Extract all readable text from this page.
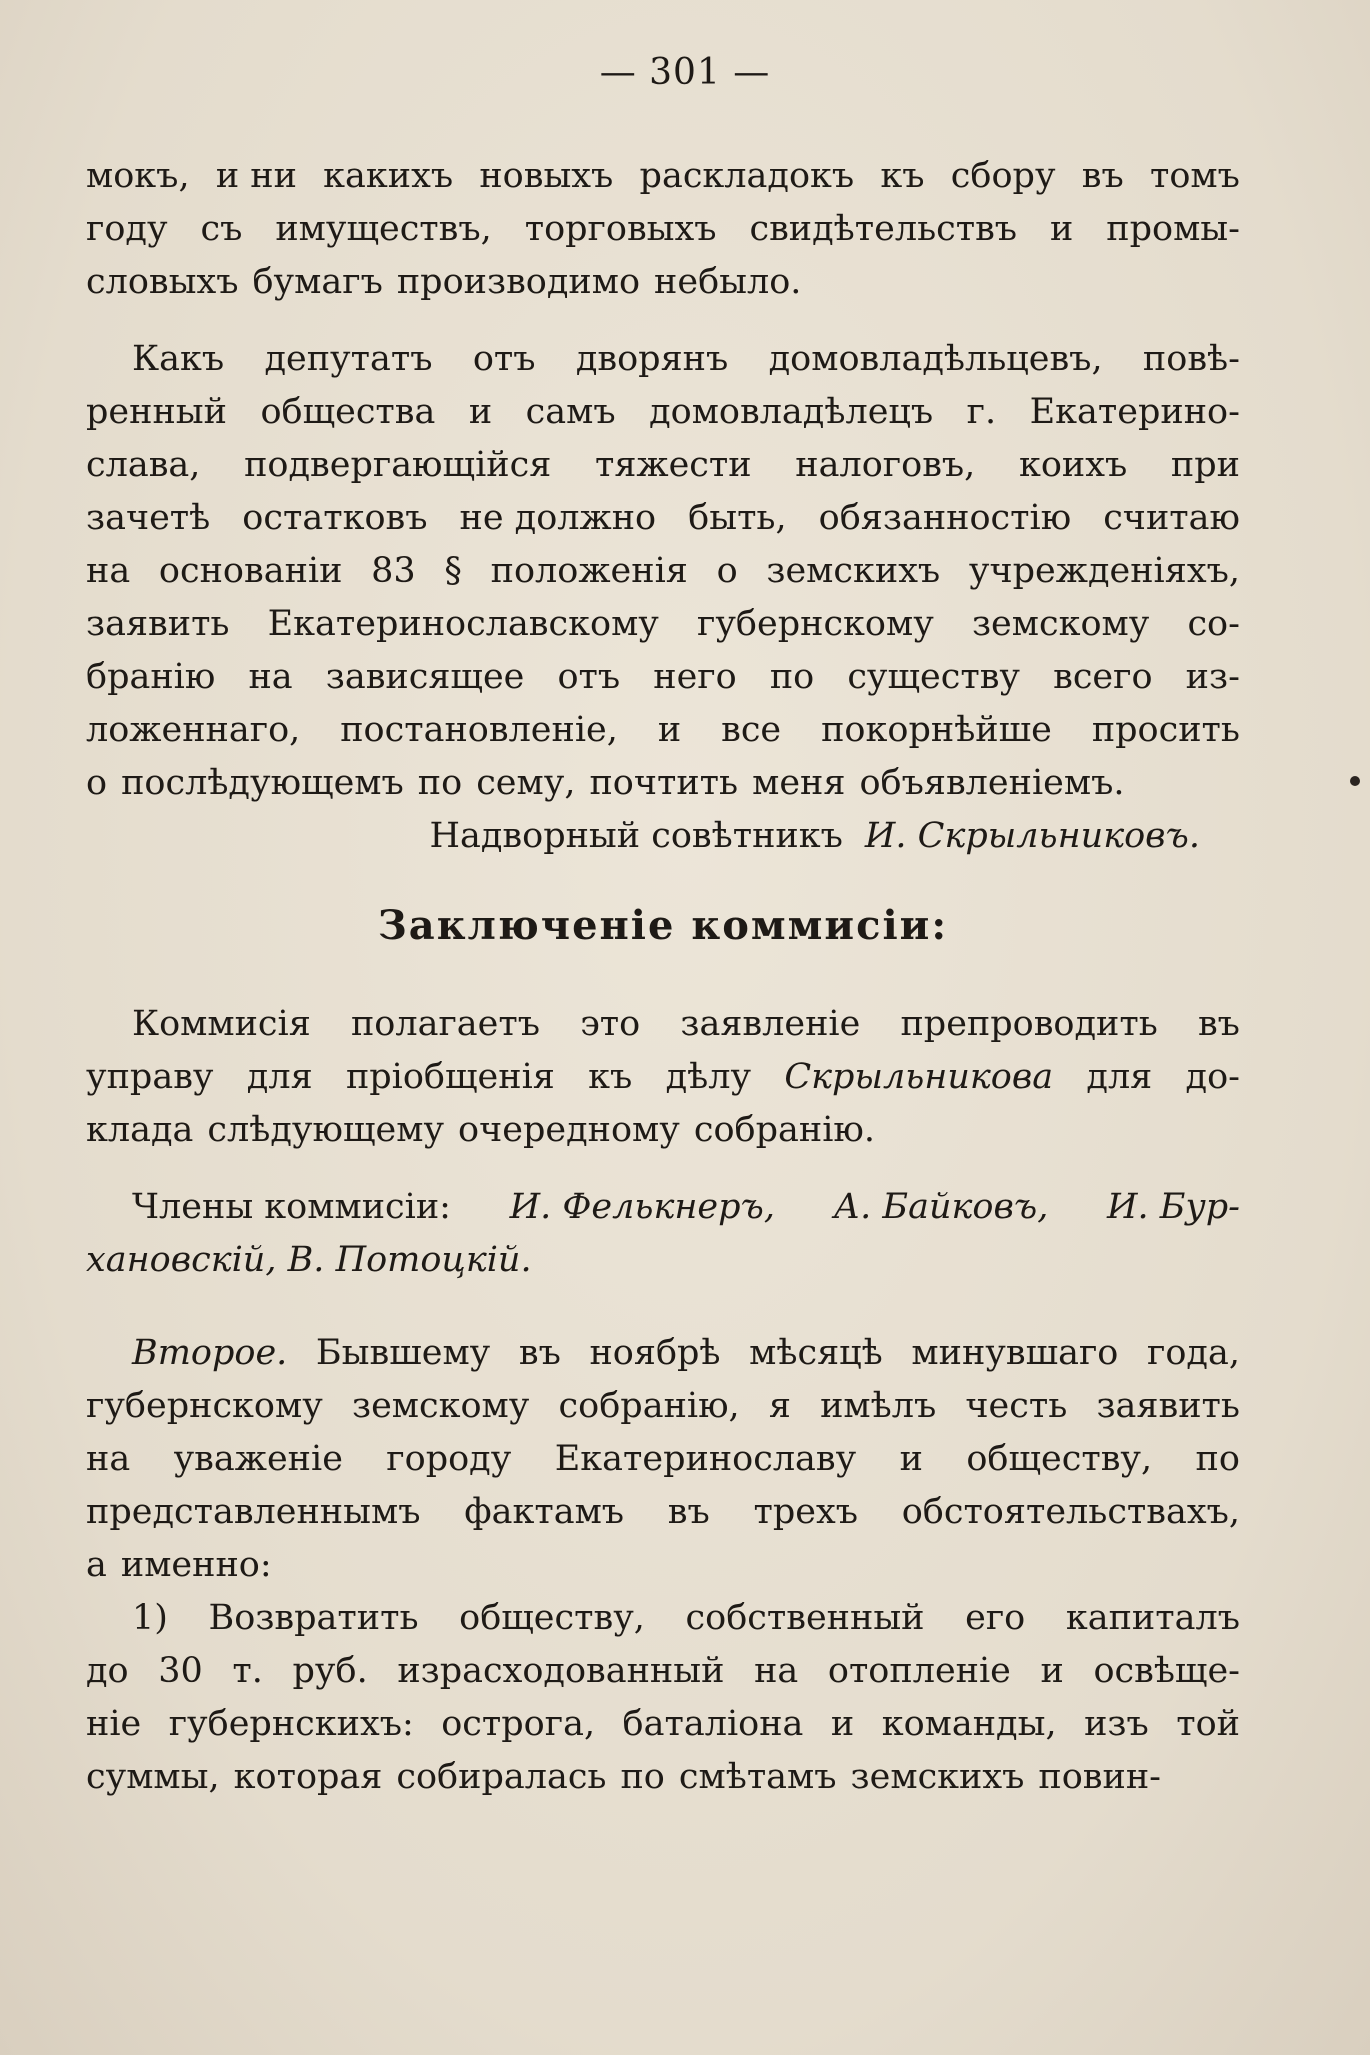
— 301 —
мокъ, и ни какихъ новыхъ раскладокъ къ сбору въ томъ
году съ имуществъ, торговыхъ свидѣтельствъ и промы-
словыхъ бумагъ производимо небыло.
Какъ депутатъ отъ дворянъ домовладѣльцевъ, повѣ-
ренный общества и самъ домовладѣлецъ г. Екатерино-
слава, подвергающійся тяжести налоговъ, коихъ при
зачетѣ остатковъ не должно быть, обязанностію считаю
на основаніи 83 § положенія о земскихъ учрежденіяхъ,
заявить Екатеринославскому губернскому земскому со-
бранію на зависящее отъ него по существу всего из-
ложеннаго, постановленіе, и все покорнѣйше просить
о послѣдующемъ по сему, почтить меня объявленіемъ.
Надворный совѣтникъ И. Скрыльниковъ.
Заключеніе коммисіи:
Коммисія полагаетъ это заявленіе препроводить въ
управу для пріобщенія къ дѣлу Скрыльникова для до-
клада слѣдующему очередному собранію.
Члены коммисіи: И. Фелькнеръ, А. Байковъ, И. Бур-
хановскій, В. Потоцкій.
Второе. Бывшему въ ноябрѣ мѣсяцѣ минувшаго года,
губернскому земскому собранію, я имѣлъ честь заявить
на уваженіе городу Екатеринославу и обществу, по
представленнымъ фактамъ въ трехъ обстоятельствахъ,
а именно:
1) Возвратить обществу, собственный его капиталъ
до 30 т. руб. израсходованный на отопленіе и освѣще-
ніе губернскихъ: острога, баталіона и команды, изъ той
суммы, которая собиралась по смѣтамъ земскихъ повин-
